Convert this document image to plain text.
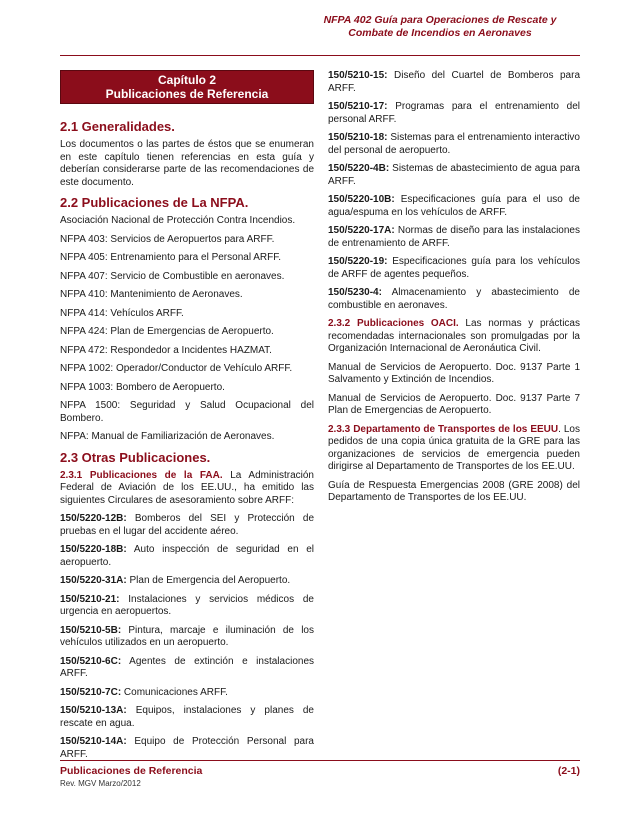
NFPA 402 Guía para Operaciones de Rescate y
Combate de Incendios en Aeronaves
Capítulo 2
Publicaciones de Referencia
2.1 Generalidades.

Los documentos o las partes de éstos que se enumeran en este capítulo tienen referencias en esta guía y deberían considerarse parte de las recomendaciones de este documento.

2.2 Publicaciones de La NFPA.

Asociación Nacional de Protección Contra Incendios.

NFPA 403: Servicios de Aeropuertos para ARFF.

NFPA 405: Entrenamiento para el Personal ARFF.

NFPA 407: Servicio de Combustible en aeronaves.

NFPA 410: Mantenimiento de Aeronaves.

NFPA 414: Vehículos ARFF.

NFPA 424: Plan de Emergencias de Aeropuerto.

NFPA 472: Respondedor a Incidentes HAZMAT.

NFPA 1002: Operador/Conductor de Vehículo ARFF.

NFPA 1003: Bombero de Aeropuerto.

NFPA 1500: Seguridad y Salud Ocupacional del Bombero.

NFPA: Manual de Familiarización de Aeronaves.

2.3 Otras Publicaciones.

2.3.1 Publicaciones de la FAA. La Administración Federal de Aviación de los EE.UU., ha emitido las siguientes Circulares de asesoramiento sobre ARFF:

150/5220-12B: Bomberos del SEI y Protección de pruebas en el lugar del accidente aéreo.

150/5220-18B: Auto inspección de seguridad en el aeropuerto.

150/5220-31A: Plan de Emergencia del Aeropuerto.

150/5210-21: Instalaciones y servicios médicos de urgencia en aeropuertos.

150/5210-5B: Pintura, marcaje e iluminación de los vehículos utilizados en un aeropuerto.

150/5210-6C: Agentes de extinción e instalaciones ARFF.

150/5210-7C: Comunicaciones ARFF.

150/5210-13A: Equipos, instalaciones y planes de rescate en agua.

150/5210-14A: Equipo de Protección Personal para ARFF.

150/5210-15: Diseño del Cuartel de Bomberos para ARFF.

150/5210-17: Programas para el entrenamiento del personal ARFF.

150/5210-18: Sistemas para el entrenamiento interactivo del personal de aeropuerto.

150/5220-4B: Sistemas de abastecimiento de agua para ARFF.

150/5220-10B: Especificaciones guía para el uso de agua/espuma en los vehículos de ARFF.

150/5220-17A: Normas de diseño para las instalaciones de entrenamiento de ARFF.

150/5220-19: Especificaciones guía para los vehículos de ARFF de agentes pequeños.

150/5230-4: Almacenamiento y abastecimiento de combustible en aeronaves.

2.3.2 Publicaciones OACI. Las normas y prácticas recomendadas internacionales son promulgadas por la Organización Internacional de Aeronáutica Civil.

Manual de Servicios de Aeropuerto. Doc. 9137 Parte 1 Salvamento y Extinción de Incendios.

Manual de Servicios de Aeropuerto. Doc. 9137 Parte 7 Plan de Emergencias de Aeropuerto.

2.3.3 Departamento de Transportes de los EEUU. Los pedidos de una copia única gratuita de la GRE para las organizaciones de servicios de emergencia pueden dirigirse al Departamento de Transportes de los EE.UU.

Guía de Respuesta Emergencias 2008 (GRE 2008) del Departamento de Transportes de los EE.UU.

Publicaciones de Referencia	(2-1)
Rev. MGV Marzo/2012
